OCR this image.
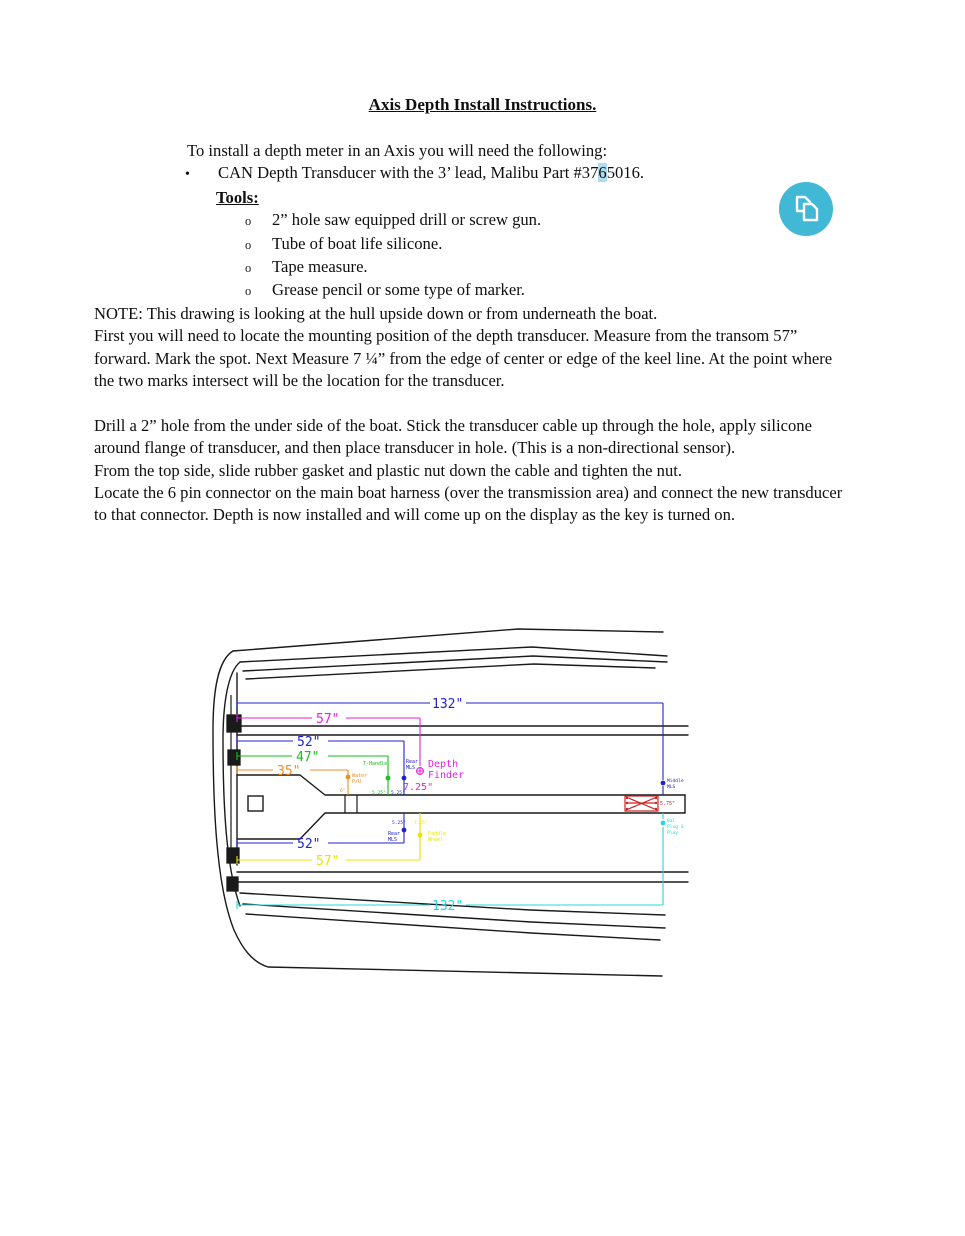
Axis Depth Install Instructions.

To install a depth meter in an Axis you will need the following:

• CAN Depth Transducer with the 3’ lead, Malibu Part #3765016.

Tools:

o 2” hole saw equipped drill or screw gun.

o Tube of boat life silicone.

o Tape measure.

o Grease pencil or some type of marker.

NOTE: This drawing is looking at the hull upside down or from underneath the boat.

First you will need to locate the mounting position of the depth transducer. Measure from the transom 57” forward. Mark the spot. Next Measure 7 ¼” from the edge of center or edge of the keel line. At the point where the two marks intersect will be the location for the transducer.

Drill a 2” hole from the under side of the boat. Stick the transducer cable up through the hole, apply silicone around flange of transducer, and then place transducer in hole. (This is a non-directional sensor).

From the top side, slide rubber gasket and plastic nut down the cable and tighten the nut.

Locate the 6 pin connector on the main boat harness (over the transmission area) and connect the new transducer to that connector. Depth is now installed and will come up on the display as the key is turned on.

5.75"
132"
Middle
MLS
57"
Depth
Finder
7.25"
52"
Rear
MLS
5.25"
47"	T-Handle
5.25"
35"	Water
P/U
6"
52"
5.25"
Rear
MLS
57"
7.25"
Paddle
Wheel
132"
Bal
Plug &
Play
